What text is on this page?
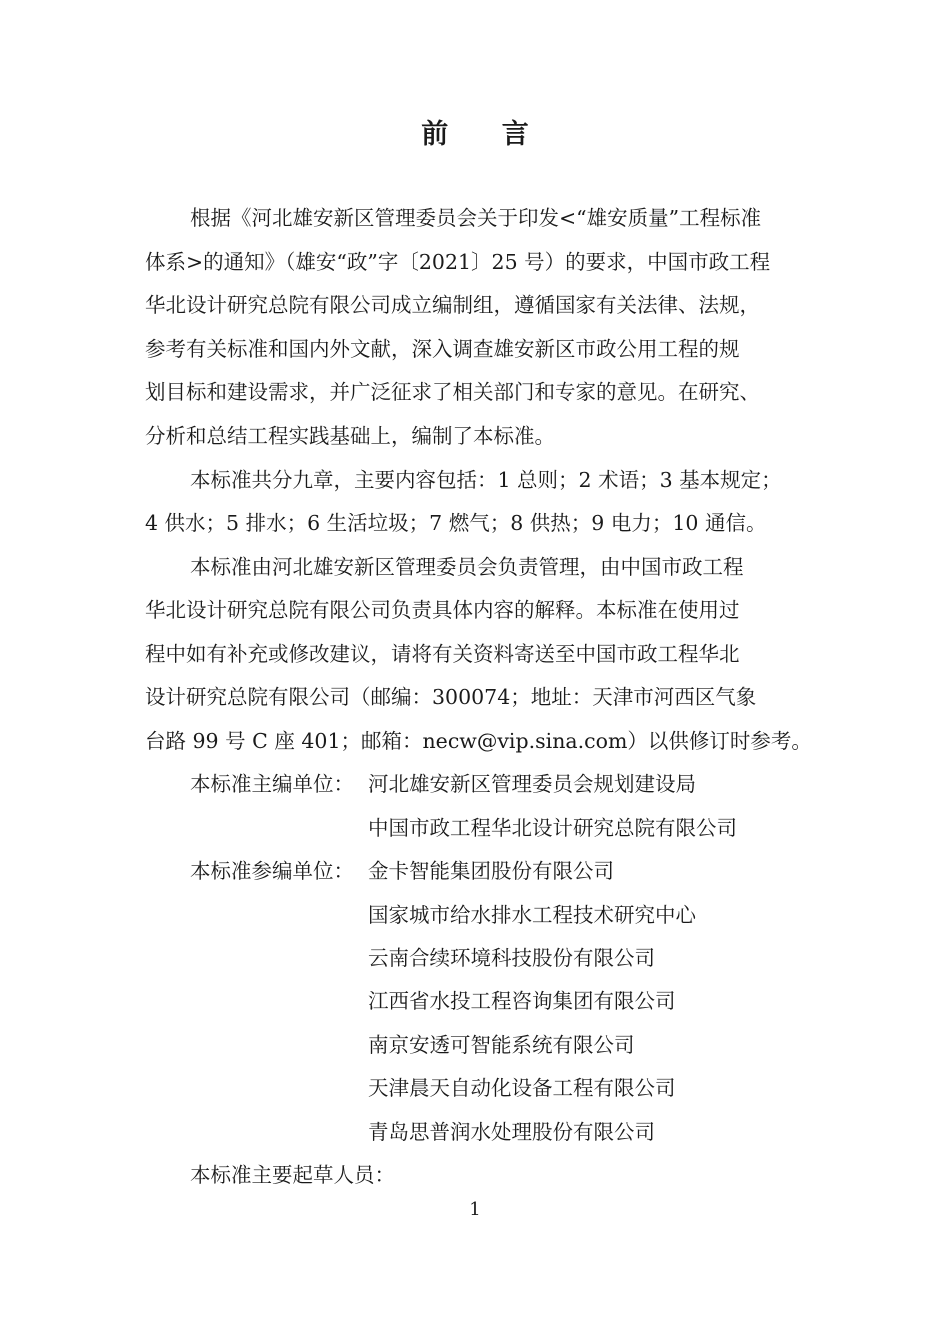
前 言
根据《河北雄安新区管理委员会关于印发<“雄安质量”工程标准
体系>的通知》（雄安“政”字〔2021〕25 号）的要求，中国市政工程
华北设计研究总院有限公司成立编制组，遵循国家有关法律、法规，
参考有关标准和国内外文献，深入调查雄安新区市政公用工程的规
划目标和建设需求，并广泛征求了相关部门和专家的意见。在研究、
分析和总结工程实践基础上，编制了本标准。
本标准共分九章，主要内容包括：1 总则；2 术语；3 基本规定；
4 供水；5 排水；6 生活垃圾；7 燃气；8 供热；9 电力；10 通信。
本标准由河北雄安新区管理委员会负责管理，由中国市政工程
华北设计研究总院有限公司负责具体内容的解释。本标准在使用过
程中如有补充或修改建议，请将有关资料寄送至中国市政工程华北
设计研究总院有限公司（邮编：300074；地址：天津市河西区气象
台路 99 号 C 座 401；邮箱：necw@vip.sina.com）以供修订时参考。
本标准主编单位： 河北雄安新区管理委员会规划建设局
中国市政工程华北设计研究总院有限公司
本标准参编单位： 金卡智能集团股份有限公司
国家城市给水排水工程技术研究中心
云南合续环境科技股份有限公司
江西省水投工程咨询集团有限公司
南京安透可智能系统有限公司
天津晨天自动化设备工程有限公司
青岛思普润水处理股份有限公司
本标准主要起草人员：
1
